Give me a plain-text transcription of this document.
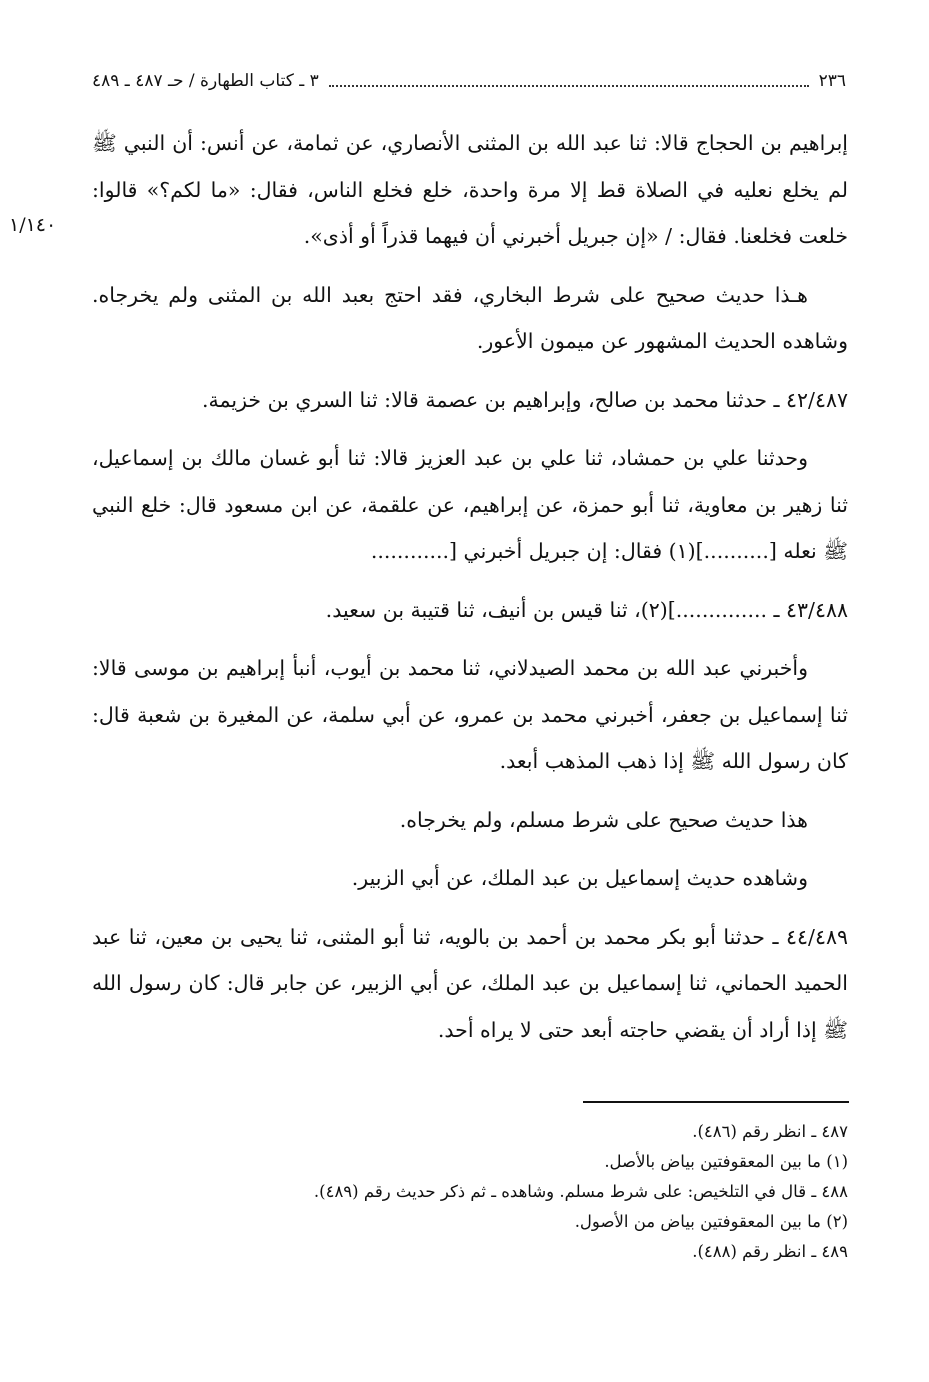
٢٣٦
٣ ـ كتاب الطهارة / حـ ٤٨٧ ـ ٤٨٩
١/١٤٠

إبراهيم بن الحجاج قالا: ثنا عبد الله بن المثنى الأنصاري، عن ثمامة، عن أنس: أن النبي ﷺ لم يخلع نعليه في الصلاة قط إلا مرة واحدة، خلع فخلع الناس، فقال: «ما لكم؟» قالوا: خلعت فخلعنا. فقال: / «إن جبريل أخبرني أن فيهما قذراً أو أذى».

هـذا حديث صحيح على شرط البخاري، فقد احتج بعبد الله بن المثنى ولم يخرجاه. وشاهده الحديث المشهور عن ميمون الأعور.

٤٢/٤٨٧ ـ حدثنا محمد بن صالح، وإبراهيم بن عصمة قالا: ثنا السري بن خزيمة.

وحدثنا علي بن حمشاد، ثنا علي بن عبد العزيز قالا: ثنا أبو غسان مالك بن إسماعيل، ثنا زهير بن معاوية، ثنا أبو حمزة، عن إبراهيم، عن علقمة، عن ابن مسعود قال: خلع النبي ﷺ نعله [..........](١) فقال: إن جبريل أخبرني [............

٤٣/٤٨٨ ـ ..............](٢)، ثنا قيس بن أنيف، ثنا قتيبة بن سعيد.

وأخبرني عبد الله بن محمد الصيدلاني، ثنا محمد بن أيوب، أنبأ إبراهيم بن موسى قالا: ثنا إسماعيل بن جعفر، أخبرني محمد بن عمرو، عن أبي سلمة، عن المغيرة بن شعبة قال: كان رسول الله ﷺ إذا ذهب المذهب أبعد.

هذا حديث صحيح على شرط مسلم، ولم يخرجاه.

وشاهده حديث إسماعيل بن عبد الملك، عن أبي الزبير.

٤٤/٤٨٩ ـ حدثنا أبو بكر محمد بن أحمد بن بالويه، ثنا أبو المثنى، ثنا يحيى بن معين، ثنا عبد الحميد الحماني، ثنا إسماعيل بن عبد الملك، عن أبي الزبير، عن جابر قال: كان رسول الله ﷺ إذا أراد أن يقضي حاجته أبعد حتى لا يراه أحد.

٤٨٧ ـ انظر رقم (٤٨٦).
(١) ما بين المعقوفتين بياض بالأصل.
٤٨٨ ـ قال في التلخيص: على شرط مسلم. وشاهده ـ ثم ذكر حديث رقم (٤٨٩).
(٢) ما بين المعقوفتين بياض من الأصول.
٤٨٩ ـ انظر رقم (٤٨٨).
